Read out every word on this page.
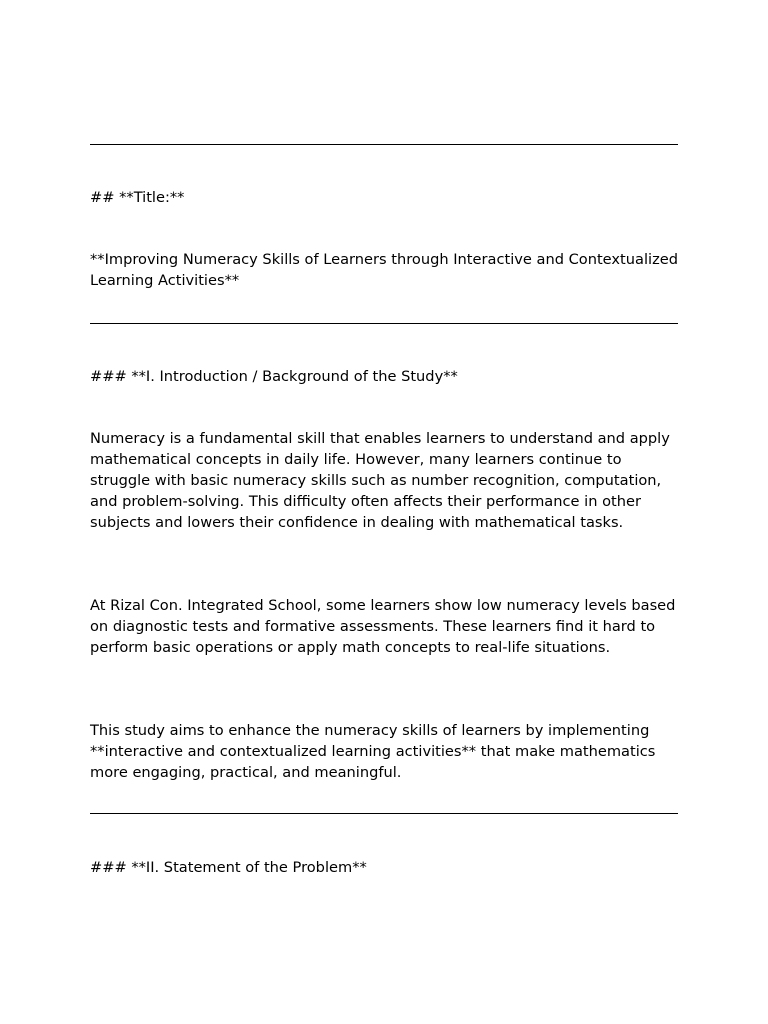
## **Title:**

**Improving Numeracy Skills of Learners through Interactive and Contextualized Learning Activities**

### **I. Introduction / Background of the Study**

Numeracy is a fundamental skill that enables learners to understand and apply mathematical concepts in daily life. However, many learners continue to struggle with basic numeracy skills such as number recognition, computation, and problem-solving. This difficulty often affects their performance in other subjects and lowers their confidence in dealing with mathematical tasks.

At Rizal Con. Integrated School, some learners show low numeracy levels based on diagnostic tests and formative assessments. These learners find it hard to perform basic operations or apply math concepts to real-life situations.

This study aims to enhance the numeracy skills of learners by implementing **interactive and contextualized learning activities** that make mathematics more engaging, practical, and meaningful.

### **II. Statement of the Problem**
